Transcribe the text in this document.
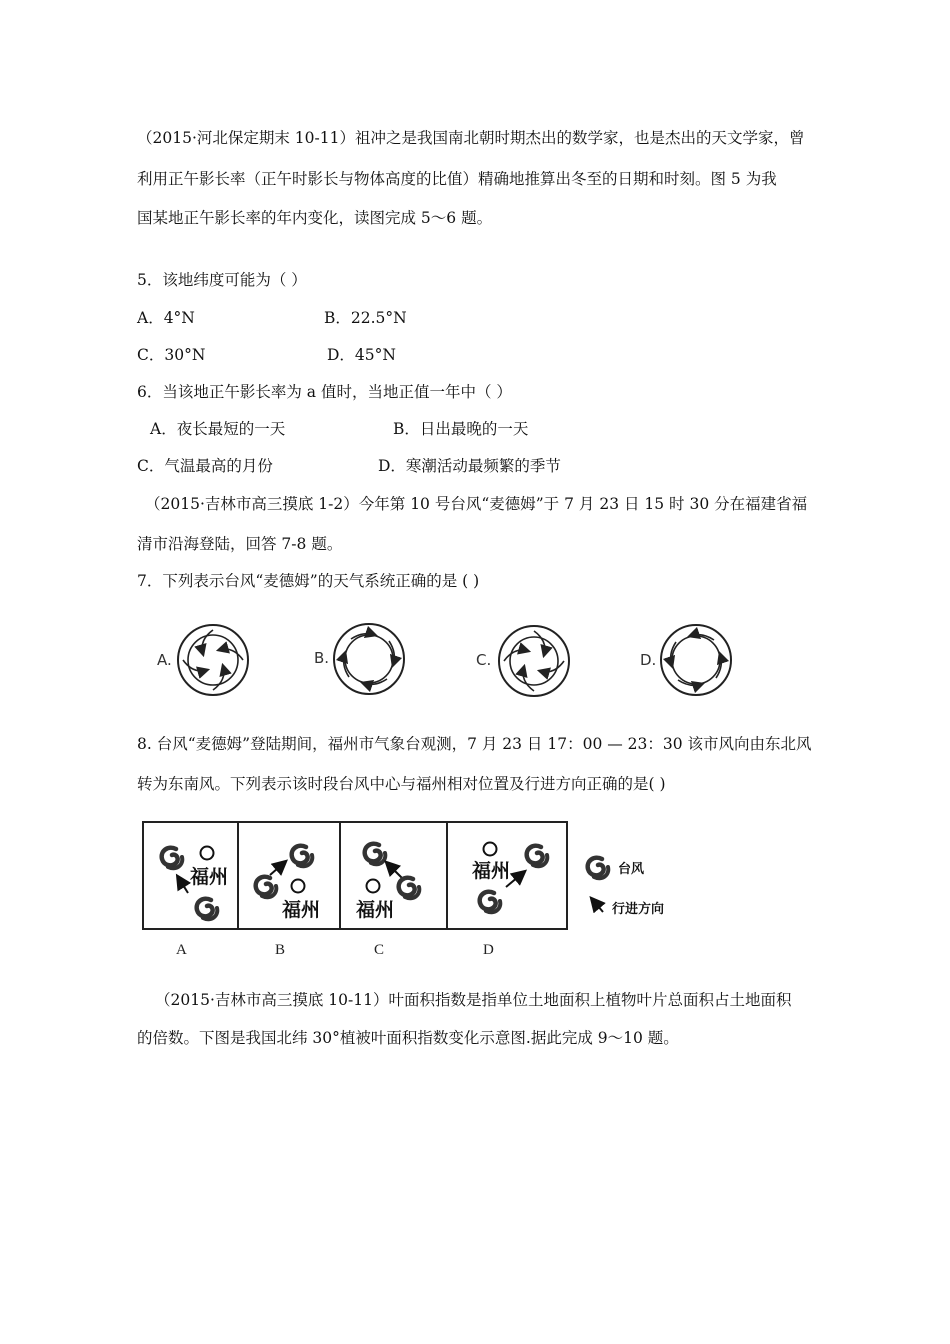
（2015·河北保定期末 10-11）祖冲之是我国南北朝时期杰出的数学家，也是杰出的天文学家，曾
利用正午影长率（正午时影长与物体高度的比值）精确地推算出冬至的日期和时刻。图 5 为我
国某地正午影长率的年内变化，读图完成 5～6 题。
5．该地纬度可能为（ ）
A．4°N	B．22.5°N
C．30°N	D．45°N
6．当该地正午影长率为 a 值时，当地正值一年中（ ）
A．夜长最短的一天	B．日出最晚的一天
C．气温最高的月份	D．寒潮活动最频繁的季节
（2015·吉林市高三摸底 1-2）今年第 10 号台风“麦德姆”于 7 月 23 日 15 时 30 分在福建省福
清市沿海登陆，回答 7-8 题。
7．下列表示台风“麦德姆”的天气系统正确的是 ( )
A.	B.	C.	D.
8. 台风“麦德姆”登陆期间，福州市气象台观测，7 月 23 日 17：00 — 23：30 该市风向由东北风
转为东南风。下列表示该时段台风中心与福州相对位置及行进方向正确的是( )
福州
福州 福州
福州	台风
行进方向
A	B	C	D
（2015·吉林市高三摸底 10-11）叶面积指数是指单位土地面积上植物叶片总面积占土地面积
的倍数。下图是我国北纬 30°植被叶面积指数变化示意图.据此完成 9～10 题。
